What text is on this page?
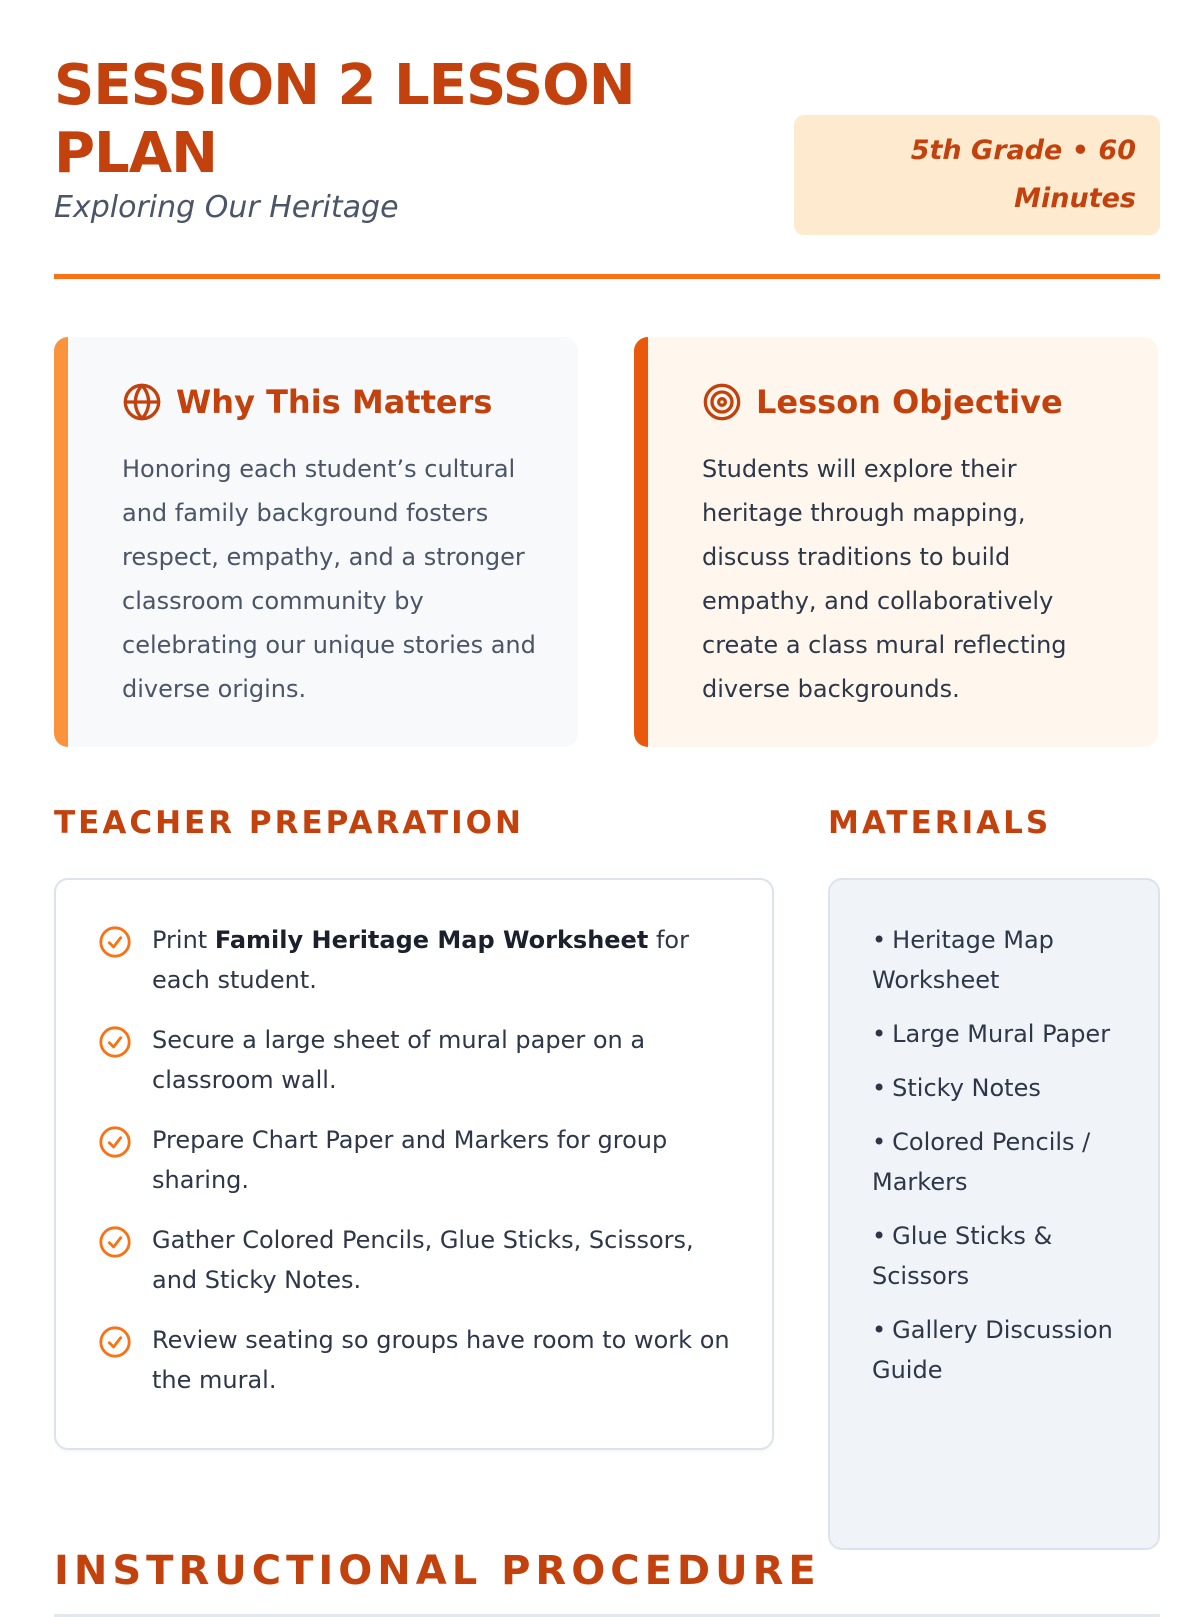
SESSION 2 LESSON PLAN
Exploring Our Heritage
5th Grade • 60
Minutes
Why This Matters
Honoring each student’s cultural and family background fosters respect, empathy, and a stronger classroom community by celebrating our unique stories and diverse origins.
Lesson Objective
Students will explore their heritage through mapping, discuss traditions to build empathy, and collaboratively create a class mural reflecting diverse backgrounds.
TEACHER PREPARATION
Print Family Heritage Map Worksheet for each student.
Secure a large sheet of mural paper on a classroom wall.
Prepare Chart Paper and Markers for group sharing.
Gather Colored Pencils, Glue Sticks, Scissors, and Sticky Notes.
Review seating so groups have room to work on the mural.
MATERIALS
• Heritage Map Worksheet
• Large Mural Paper
• Sticky Notes
• Colored Pencils / Markers
• Glue Sticks & Scissors
• Gallery Discussion Guide
INSTRUCTIONAL PROCEDURE
